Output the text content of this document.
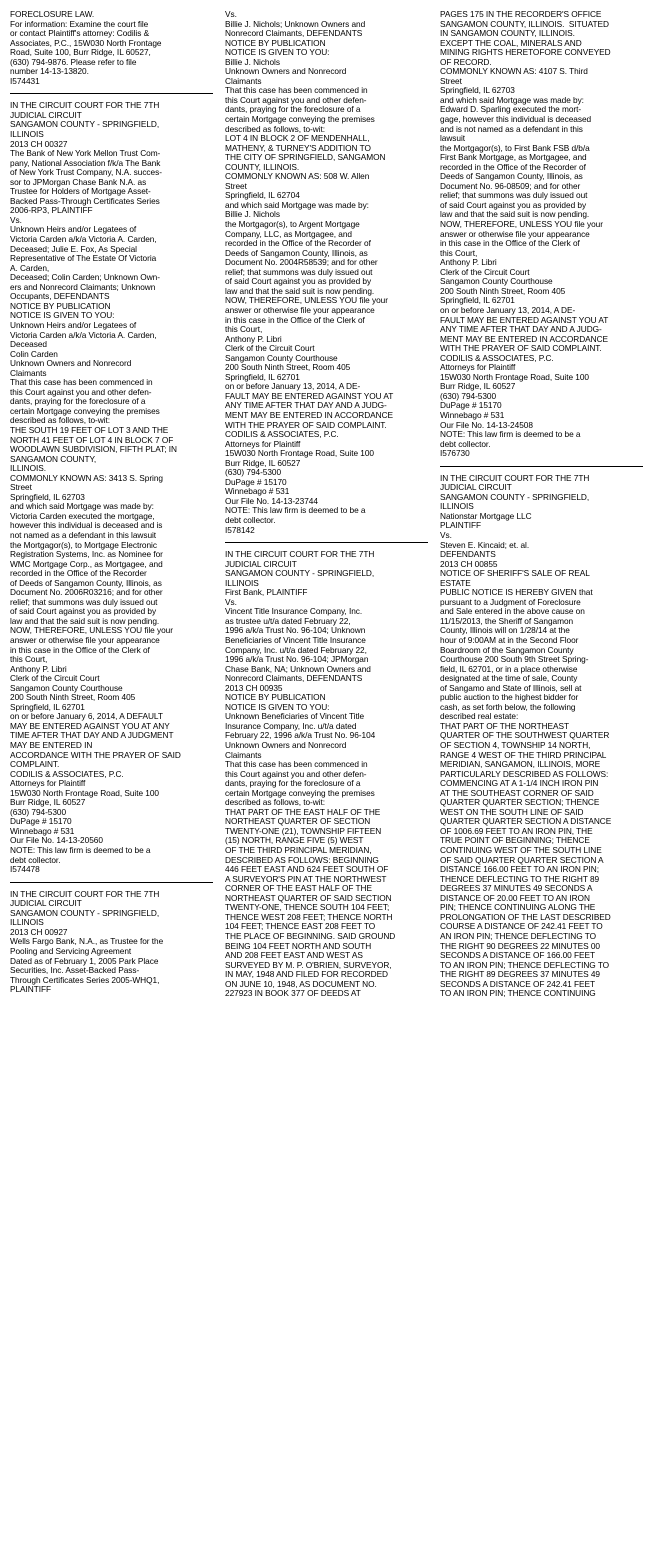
FORECLOSURE LAW.
For information: Examine the court file
or contact Plaintiff's attorney: Codilis &
Associates, P.C., 15W030 North Frontage
Road, Suite 100, Burr Ridge, IL 60527,
(630) 794-9876. Please refer to file
number 14-13-13820.
I574431
IN THE CIRCUIT COURT FOR THE 7TH
JUDICIAL CIRCUIT
SANGAMON COUNTY - SPRINGFIELD,
ILLINOIS
2013 CH 00327
The Bank of New York Mellon Trust Com-
pany, National Association f/k/a The Bank
of New York Trust Company, N.A. succes-
sor to JPMorgan Chase Bank N.A. as
Trustee for Holders of Mortgage Asset-
Backed Pass-Through Certificates Series
2006-RP3, PLAINTIFF
Vs.
Unknown Heirs and/or Legatees of
Victoria Carden a/k/a Victoria A. Carden,
Deceased; Julie E. Fox, As Special
Representative of The Estate Of Victoria
A. Carden,
Deceased; Colin Carden; Unknown Own-
ers and Nonrecord Claimants; Unknown
Occupants, DEFENDANTS
NOTICE BY PUBLICATION
NOTICE IS GIVEN TO YOU:
Unknown Heirs and/or Legatees of
Victoria Carden a/k/a Victoria A. Carden,
Deceased
Colin Carden
Unknown Owners and Nonrecord
Claimants
That this case has been commenced in
this Court against you and other defen-
dants, praying for the foreclosure of a
certain Mortgage conveying the premises
described as follows, to-wit:
THE SOUTH 19 FEET OF LOT 3 AND THE
NORTH 41 FEET OF LOT 4 IN BLOCK 7 OF
WOODLAWN SUBDIVISION, FIFTH PLAT; IN
SANGAMON COUNTY,
ILLINOIS.
COMMONLY KNOWN AS: 3413 S. Spring
Street
Springfield, IL 62703
and which said Mortgage was made by:
Victoria Carden executed the mortgage,
however this individual is deceased and is
not named as a defendant in this lawsuit
the Mortgagor(s), to Mortgage Electronic
Registration Systems, Inc. as Nominee for
WMC Mortgage Corp., as Mortgagee, and
recorded in the Office of the Recorder
of Deeds of Sangamon County, Illinois, as
Document No. 2006R03216; and for other
relief; that summons was duly issued out
of said Court against you as provided by
law and that the said suit is now pending.
NOW, THEREFORE, UNLESS YOU file your
answer or otherwise file your appearance
in this case in the Office of the Clerk of
this Court,
Anthony P. Libri
Clerk of the Circuit Court
Sangamon County Courthouse
200 South Ninth Street, Room 405
Springfield, IL 62701
on or before January 6, 2014, A DEFAULT
MAY BE ENTERED AGAINST YOU AT ANY
TIME AFTER THAT DAY AND A JUDGMENT
MAY BE ENTERED IN
ACCORDANCE WITH THE PRAYER OF SAID
COMPLAINT.
CODILIS & ASSOCIATES, P.C.
Attorneys for Plaintiff
15W030 North Frontage Road, Suite 100
Burr Ridge, IL 60527
(630) 794-5300
DuPage # 15170
Winnebago # 531
Our File No. 14-13-20560
NOTE: This law firm is deemed to be a
debt collector.
I574478
IN THE CIRCUIT COURT FOR THE 7TH
JUDICIAL CIRCUIT
SANGAMON COUNTY - SPRINGFIELD,
ILLINOIS
2013 CH 00927
Wells Fargo Bank, N.A., as Trustee for the
Pooling and Servicing Agreement
Dated as of February 1, 2005 Park Place
Securities, Inc. Asset-Backed Pass-
Through Certificates Series 2005-WHQ1,
PLAINTIFF
Vs.
Billie J. Nichols; Unknown Owners and
Nonrecord Claimants, DEFENDANTS
NOTICE BY PUBLICATION
NOTICE IS GIVEN TO YOU:
Billie J. Nichols
Unknown Owners and Nonrecord
Claimants
That this case has been commenced in
this Court against you and other defen-
dants, praying for the foreclosure of a
certain Mortgage conveying the premises
described as follows, to-wit:
LOT 4 IN BLOCK 2 OF MENDENHALL,
MATHENY, & TURNEY'S ADDITION TO
THE CITY OF SPRINGFIELD, SANGAMON
COUNTY, ILLINOIS.
COMMONLY KNOWN AS: 508 W. Allen
Street
Springfield, IL 62704
and which said Mortgage was made by:
Billie J. Nichols
the Mortgagor(s), to Argent Mortgage
Company, LLC, as Mortgagee, and
recorded in the Office of the Recorder of
Deeds of Sangamon County, Illinois, as
Document No. 2004R58539; and for other
relief; that summons was duly issued out
of said Court against you as provided by
law and that the said suit is now pending.
NOW, THEREFORE, UNLESS YOU file your
answer or otherwise file your appearance
in this case in the Office of the Clerk of
this Court,
Anthony P. Libri
Clerk of the Circuit Court
Sangamon County Courthouse
200 South Ninth Street, Room 405
Springfield, IL 62701
on or before January 13, 2014, A DE-
FAULT MAY BE ENTERED AGAINST YOU AT
ANY TIME AFTER THAT DAY AND A JUDG-
MENT MAY BE ENTERED IN ACCORDANCE
WITH THE PRAYER OF SAID COMPLAINT.
CODILIS & ASSOCIATES, P.C.
Attorneys for Plaintiff
15W030 North Frontage Road, Suite 100
Burr Ridge, IL 60527
(630) 794-5300
DuPage # 15170
Winnebago # 531
Our File No. 14-13-23744
NOTE: This law firm is deemed to be a
debt collector.
I578142
IN THE CIRCUIT COURT FOR THE 7TH
JUDICIAL CIRCUIT
SANGAMON COUNTY - SPRINGFIELD,
ILLINOIS
First Bank, PLAINTIFF
Vs.
Vincent Title Insurance Company, Inc.
as trustee u/t/a dated February 22,
1996 a/k/a Trust No. 96-104; Unknown
Beneficiaries of Vincent Title Insurance
Company, Inc. u/t/a dated February 22,
1996 a/k/a Trust No. 96-104; JPMorgan
Chase Bank, NA; Unknown Owners and
Nonrecord Claimants, DEFENDANTS
2013 CH 00935
NOTICE BY PUBLICATION
NOTICE IS GIVEN TO YOU:
Unknown Beneficiaries of Vincent Title
Insurance Company, Inc. u/t/a dated
February 22, 1996 a/k/a Trust No. 96-104
Unknown Owners and Nonrecord
Claimants
That this case has been commenced in
this Court against you and other defen-
dants, praying for the foreclosure of a
certain Mortgage conveying the premises
described as follows, to-wit:
THAT PART OF THE EAST HALF OF THE
NORTHEAST QUARTER OF SECTION
TWENTY-ONE (21), TOWNSHIP FIFTEEN
(15) NORTH, RANGE FIVE (5) WEST
OF THE THIRD PRINCIPAL MERIDIAN,
DESCRIBED AS FOLLOWS: BEGINNING
446 FEET EAST AND 624 FEET SOUTH OF
A SURVEYOR'S PIN AT THE NORTHWEST
CORNER OF THE EAST HALF OF THE
NORTHEAST QUARTER OF SAID SECTION
TWENTY-ONE, THENCE SOUTH 104 FEET;
THENCE WEST 208 FEET; THENCE NORTH
104 FEET; THENCE EAST 208 FEET TO
THE PLACE OF BEGINNING. SAID GROUND
BEING 104 FEET NORTH AND SOUTH
AND 208 FEET EAST AND WEST AS
SURVEYED BY M. P. O'BRIEN, SURVEYOR,
IN MAY, 1948 AND FILED FOR RECORDED
ON JUNE 10, 1948, AS DOCUMENT NO.
227923 IN BOOK 377 OF DEEDS AT
PAGES 175 IN THE RECORDER'S OFFICE
SANGAMON COUNTY, ILLINOIS.  SITUATED
IN SANGAMON COUNTY, ILLINOIS.
EXCEPT THE COAL, MINERALS AND
MINING RIGHTS HERETOFORE CONVEYED
OF RECORD.
COMMONLY KNOWN AS: 4107 S. Third
Street
Springfield, IL 62703
and which said Mortgage was made by:
Edward D. Sparling executed the mort-
gage, however this individual is deceased
and is not named as a defendant in this
lawsuit
the Mortgagor(s), to First Bank FSB d/b/a
First Bank Mortgage, as Mortgagee, and
recorded in the Office of the Recorder of
Deeds of Sangamon County, Illinois, as
Document No. 96-08509; and for other
relief; that summons was duly issued out
of said Court against you as provided by
law and that the said suit is now pending.
NOW, THEREFORE, UNLESS YOU file your
answer or otherwise file your appearance
in this case in the Office of the Clerk of
this Court,
Anthony P. Libri
Clerk of the Circuit Court
Sangamon County Courthouse
200 South Ninth Street, Room 405
Springfield, IL 62701
on or before January 13, 2014, A DE-
FAULT MAY BE ENTERED AGAINST YOU AT
ANY TIME AFTER THAT DAY AND A JUDG-
MENT MAY BE ENTERED IN ACCORDANCE
WITH THE PRAYER OF SAID COMPLAINT.
CODILIS & ASSOCIATES, P.C.
Attorneys for Plaintiff
15W030 North Frontage Road, Suite 100
Burr Ridge, IL 60527
(630) 794-5300
DuPage # 15170
Winnebago # 531
Our File No. 14-13-24508
NOTE: This law firm is deemed to be a
debt collector.
I576730
IN THE CIRCUIT COURT FOR THE 7TH
JUDICIAL CIRCUIT
SANGAMON COUNTY - SPRINGFIELD,
ILLINOIS
Nationstar Mortgage LLC
PLAINTIFF
Vs.
Steven E. Kincaid; et. al.
DEFENDANTS
2013 CH 00855
NOTICE OF SHERIFF'S SALE OF REAL
ESTATE
PUBLIC NOTICE IS HEREBY GIVEN that
pursuant to a Judgment of Foreclosure
and Sale entered in the above cause on
11/15/2013, the Sheriff of Sangamon
County, Illinois will on 1/28/14 at the
hour of 9:00AM at in the Second Floor
Boardroom of the Sangamon County
Courthouse 200 South 9th Street Spring-
field, IL 62701, or in a place otherwise
designated at the time of sale, County
of Sangamo and State of Illinois, sell at
public auction to the highest bidder for
cash, as set forth below, the following
described real estate:
THAT PART OF THE NORTHEAST
QUARTER OF THE SOUTHWEST QUARTER
OF SECTION 4, TOWNSHIP 14 NORTH,
RANGE 4 WEST OF THE THIRD PRINCIPAL
MERIDIAN, SANGAMON, ILLINOIS, MORE
PARTICULARLY DESCRIBED AS FOLLOWS:
COMMENCING AT A 1-1/4 INCH IRON PIN
AT THE SOUTHEAST CORNER OF SAID
QUARTER QUARTER SECTION; THENCE
WEST ON THE SOUTH LINE OF SAID
QUARTER QUARTER SECTION A DISTANCE
OF 1006.69 FEET TO AN IRON PIN, THE
TRUE POINT OF BEGINNING; THENCE
CONTINUING WEST OF THE SOUTH LINE
OF SAID QUARTER QUARTER SECTION A
DISTANCE 166.00 FEET TO AN IRON PIN;
THENCE DEFLECTING TO THE RIGHT 89
DEGREES 37 MINUTES 49 SECONDS A
DISTANCE OF 20.00 FEET TO AN IRON
PIN; THENCE CONTINUING ALONG THE
PROLONGATION OF THE LAST DESCRIBED
COURSE A DISTANCE OF 242.41 FEET TO
AN IRON PIN; THENCE DEFLECTING TO
THE RIGHT 90 DEGREES 22 MINUTES 00
SECONDS A DISTANCE OF 166.00 FEET
TO AN IRON PIN; THENCE DEFLECTING TO
THE RIGHT 89 DEGREES 37 MINUTES 49
SECONDS A DISTANCE OF 242.41 FEET
TO AN IRON PIN; THENCE CONTINUING
